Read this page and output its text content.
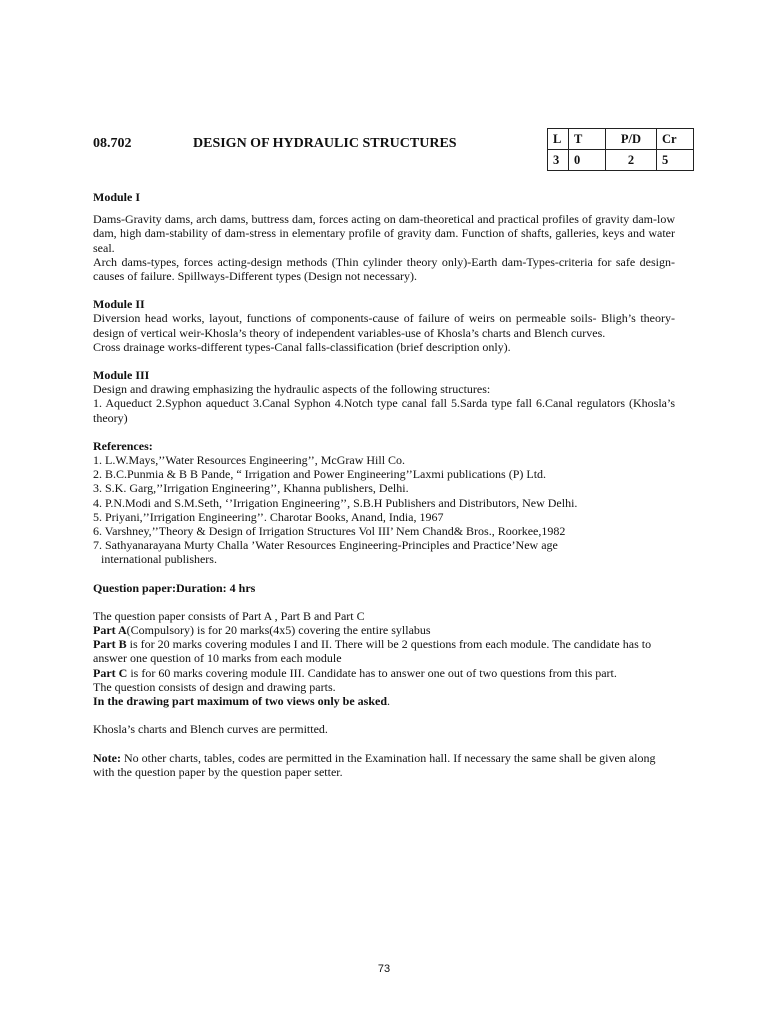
08.702	DESIGN OF HYDRAULIC STRUCTURES	L	T	P/D	Cr
3	0	2	5

Module I

Dams-Gravity dams, arch dams, buttress dam, forces acting on dam-theoretical and practical profiles of gravity dam-low dam, high dam-stability of dam-stress in elementary profile of gravity dam. Function of shafts, galleries, keys and water seal.

Arch dams-types, forces acting-design methods (Thin cylinder theory only)-Earth dam-Types-criteria for safe design-causes of failure. Spillways-Different types (Design not necessary).

Module II

Diversion head works, layout, functions of components-cause of failure of weirs on permeable soils- Bligh’s theory-design of vertical weir-Khosla’s theory of independent variables-use of Khosla’s charts and Blench curves.

Cross drainage works-different types-Canal falls-classification (brief description only).

Module III

Design and drawing emphasizing the hydraulic aspects of the following structures:

1. Aqueduct 2.Syphon aqueduct 3.Canal Syphon 4.Notch type canal fall 5.Sarda type fall 6.Canal regulators (Khosla’s theory)

References:

1. L.W.Mays,’’Water Resources Engineering’’, McGraw Hill Co.

2. B.C.Punmia & B B Pande, “ Irrigation and Power Engineering’’Laxmi publications (P) Ltd.

3. S.K. Garg,’’Irrigation Engineering’’, Khanna publishers, Delhi.

4. P.N.Modi and S.M.Seth, ‘’Irrigation Engineering’’, S.B.H Publishers and Distributors, New Delhi.

5. Priyani,’’Irrigation Engineering’’. Charotar Books, Anand, India, 1967

6. Varshney,’’Theory & Design of Irrigation Structures Vol III’ Nem Chand& Bros., Roorkee,1982

7. Sathyanarayana Murty Challa ’Water Resources Engineering-Principles and Practice’New age

international publishers.

Question paper:Duration: 4 hrs

The question paper consists of Part A , Part B and Part C

Part A(Compulsory) is for 20 marks(4x5) covering the entire syllabus

Part B is for 20 marks covering modules I and II. There will be 2 questions from each module. The candidate has to answer one question of 10 marks from each module

Part C is for 60 marks covering module III. Candidate has to answer one out of two questions from this part.

The question consists of design and drawing parts.

In the drawing part maximum of two views only be asked.

Khosla’s charts and Blench curves are permitted.

Note: No other charts, tables, codes are permitted in the Examination hall. If necessary the same shall be given along with the question paper by the question paper setter.

73
